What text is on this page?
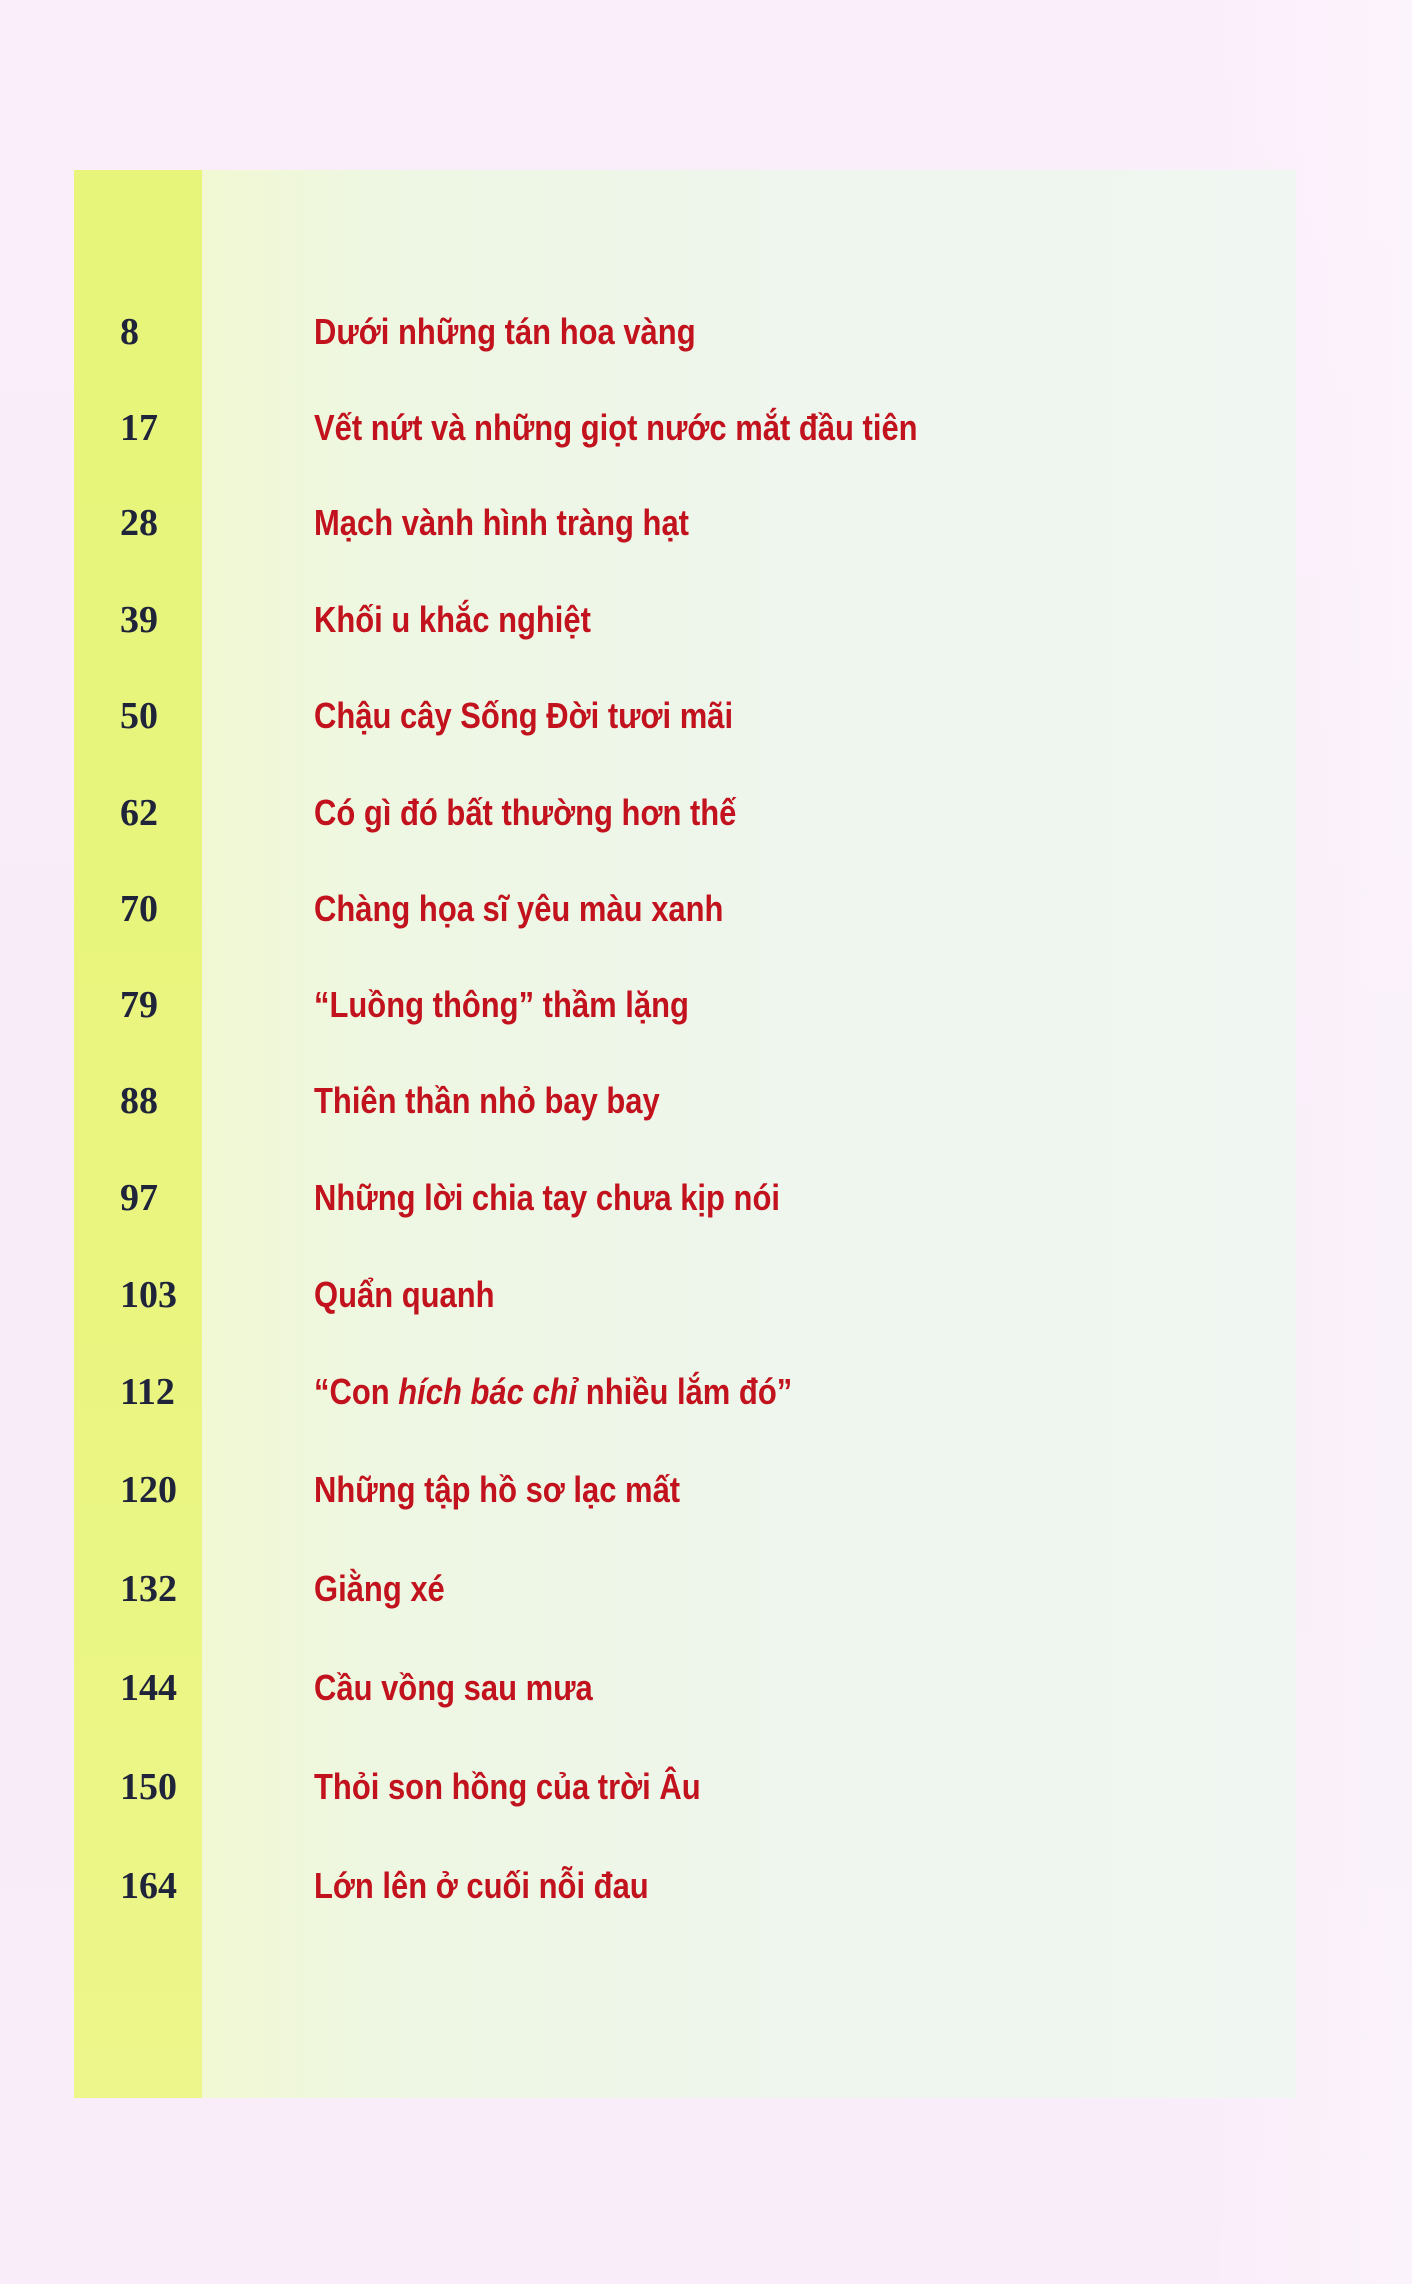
8	Dưới những tán hoa vàng
17	Vết nứt và những giọt nước mắt đầu tiên
28	Mạch vành hình tràng hạt
39	Khối u khắc nghiệt
50	Chậu cây Sống Đời tươi mãi
62	Có gì đó bất thường hơn thế
70	Chàng họa sĩ yêu màu xanh
79	“Luồng thông” thầm lặng
88	Thiên thần nhỏ bay bay
97	Những lời chia tay chưa kịp nói
103	Quẩn quanh
112	“Con hích bác chỉ nhiều lắm đó”
120	Những tập hồ sơ lạc mất
132	Giằng xé
144	Cầu vồng sau mưa
150	Thỏi son hồng của trời Âu
164	Lớn lên ở cuối nỗi đau
